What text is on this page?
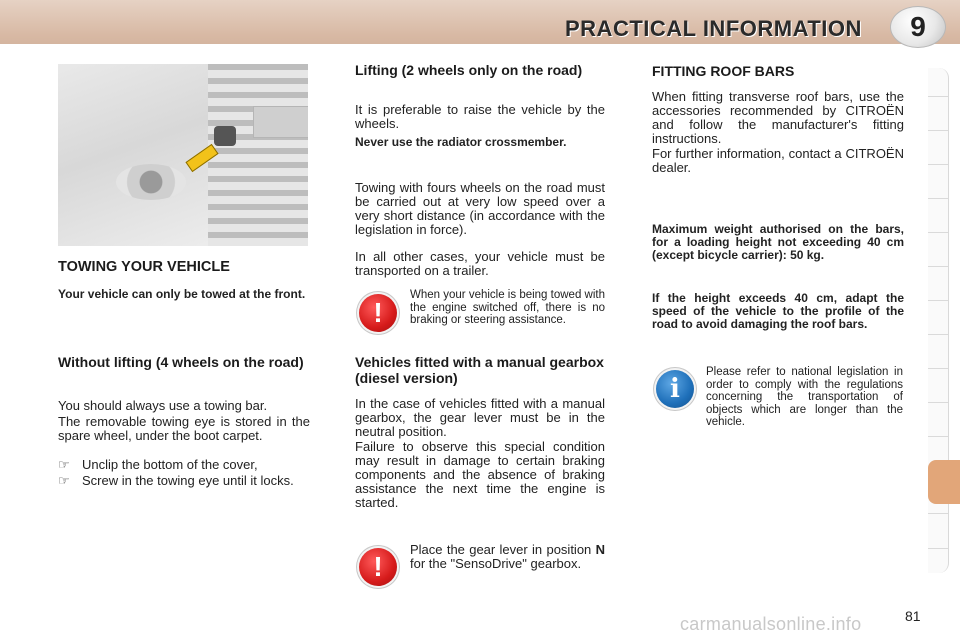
PRACTICAL INFORMATION	9
TOWING YOUR VEHICLE
Your vehicle can only be towed at the front.
Without lifting (4 wheels on the road)
You should always use a towing bar.
The removable towing eye is stored in the spare wheel, under the boot carpet.
☞ Unclip the bottom of the cover,
☞ Screw in the towing eye until it locks.
Lifting (2 wheels only on the road)
It is preferable to raise the vehicle by the wheels.
Never use the radiator crossmember.
Towing with fours wheels on the road must be carried out at very low speed over a very short distance (in accordance with the legislation in force).
In all other cases, your vehicle must be transported on a trailer.
!
When your vehicle is being towed with the engine switched off, there is no braking or steering assistance.
Vehicles fitted with a manual gearbox (diesel version)
In the case of vehicles fitted with a manual gearbox, the gear lever must be in the neutral position.
Failure to observe this special condition may result in damage to certain braking components and the absence of braking assistance the next time the engine is started.
!
Place the gear lever in position N for the "SensoDrive" gearbox.
FITTING ROOF BARS
When fitting transverse roof bars, use the accessories recommended by CITROËN and follow the manufacturer's fitting instructions.
For further information, contact a CITROËN dealer.
Maximum weight authorised on the bars, for a loading height not exceeding 40 cm (except bicycle carrier): 50 kg.
If the height exceeds 40 cm, adapt the speed of the vehicle to the profile of the road to avoid damaging the roof bars.
i
Please refer to national legislation in order to comply with the regulations concerning the transportation of objects which are longer than the vehicle.
carmanualsonline.info	81
